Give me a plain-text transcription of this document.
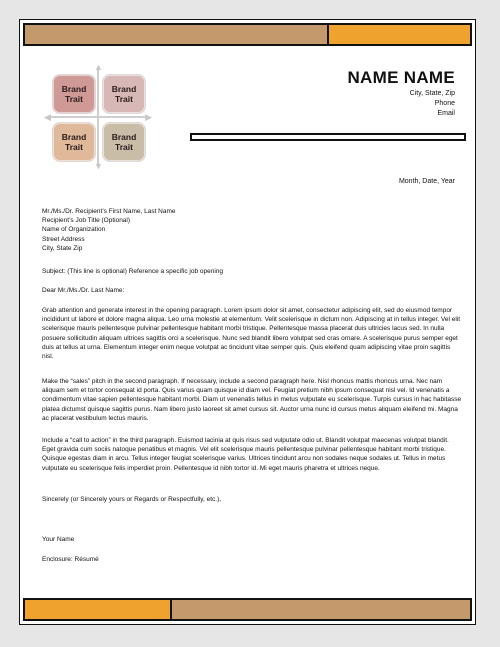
▲
▼
◀	▶
Brand Trait
Brand Trait
Brand Trait
Brand Trait
NAME NAME
City, State, Zip
Phone
Email
Month, Date, Year

Mr./Ms./Dr. Recipient’s First Name, Last Name

Recipient’s Job Title (Optional)

Name of Organization

Street Address

City, State Zip

Subject: (This line is optional) Reference a specific job opening
Dear Mr./Ms./Dr. Last Name:
Grab attention and generate interest in the opening paragraph. Lorem ipsum dolor sit amet, consectetur adipiscing elit, sed do eiusmod tempor incididunt ut labore et dolore magna aliqua. Leo urna molestie at elementum. Velit scelerisque in dictum non. Adipiscing at in tellus integer. Vel elit scelerisque mauris pellentesque pulvinar pellentesque habitant morbi tristique. Pellentesque massa placerat duis ultricies lacus sed. In nulla posuere sollicitudin aliquam ultrices sagittis orci a scelerisque. Nunc sed blandit libero volutpat sed cras ornare. A scelerisque purus semper eget duis at tellus at urna. Elementum integer enim neque volutpat ac tincidunt vitae semper quis. Quis eleifend quam adipiscing vitae proin sagittis nisl.
Make the “sales” pitch in the second paragraph. If necessary, include a second paragraph here. Nisl rhoncus mattis rhoncus urna. Nec nam aliquam sem et tortor consequat id porta. Quis varius quam quisque id diam vel. Feugiat pretium nibh ipsum consequat nisl vel. Id venenatis a condimentum vitae sapien pellentesque habitant morbi. Diam ut venenatis tellus in metus vulputate eu scelerisque. Turpis cursus in hac habitasse platea dictumst quisque sagittis purus. Nam libero justo laoreet sit amet cursus sit. Auctor urna nunc id cursus metus aliquam eleifend mi. Magna ac placerat vestibulum lectus mauris.
Include a “call to action” in the third paragraph. Euismod lacinia at quis risus sed vulputate odio ut. Blandit volutpat maecenas volutpat blandit. Eget gravida cum sociis natoque penatibus et magnis. Vel elit scelerisque mauris pellentesque pulvinar pellentesque habitant morbi tristique. Quisque egestas diam in arcu. Tellus integer feugiat scelerisque varius. Ultrices tincidunt arcu non sodales neque sodales ut. Tellus in metus vulputate eu scelerisque felis imperdiet proin. Pellentesque id nibh tortor id. Mi eget mauris pharetra et ultrices neque.
Sincerely (or Sincerely yours or Regards or Respectfully, etc.),
Your Name
Enclosure: Résumé
